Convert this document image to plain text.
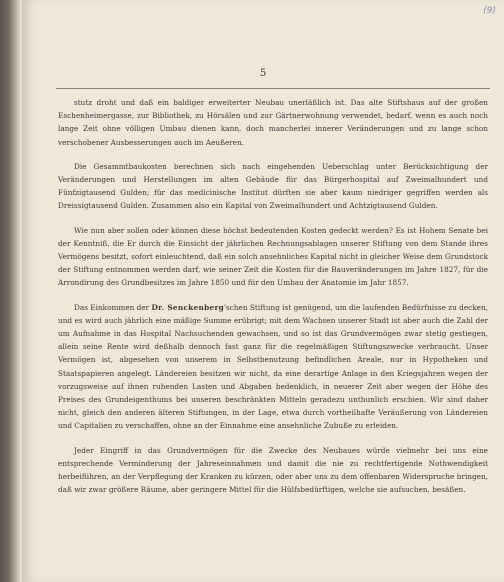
(9)
5

stutz droht und daß ein baldiger erweiterter Neubau unerläßlich ist. Das alte Stiftshaus auf der großen Eschenheimergasse, zur Bibliothek, zu Hörsälen und zur Gärtnerwohnung verwendet, bedarf, wenn es auch noch lange Zeit ohne völligen Umbau dienen kann, doch mancherlei innerer Veränderungen und zu lange schon verschobener Ausbesserungen auch im Aeußeren.

Die Gesammtbaukosten berechnen sich nach eingehenden Ueberschlag unter Berücksichtigung der Veränderungen und Herstellungen im alten Gebäude für das Bürgerhospital auf Zweimalhundert und Fünfzigtausend Gulden; für das medicinische Institut dürften sie aber kaum niedriger gegriffen werden als Dreissigtausend Gulden. Zusammen also ein Kapital von Zweimalhundert und Achtzigtausend Gulden.

Wie nun aber sollen oder können diese höchst bedeutenden Kosten gedeckt werden? Es ist Hohem Senate bei der Kenntniß, die Er durch die Einsicht der jährlichen Rechnungsablagen unserer Stiftung von dem Stande ihres Vermögens besitzt, sofort einleuchtend, daß ein solch ansehnliches Kapital nicht in gleicher Weise dem Grundstock der Stiftung entnommen werden darf, wie seiner Zeit die Kosten für die Bauveränderungen im Jahre 1827, für die Arrondirung des Grundbesitzes im Jahre 1850 und für den Umbau der Anatomie im Jahr 1857.

Das Einkommen der Dr. Senckenberg'schen Stiftung ist genügend, um die laufenden Bedürfnisse zu decken, und es wird auch jährlich eine mäßige Summe erübrigt; mit dem Wachsen unserer Stadt ist aber auch die Zahl der um Aufnahme in das Hospital Nachsuchenden gewachsen, und so ist das Grundvermögen zwar stetig gestiegen, allein seine Rente wird deßhalb dennoch fast ganz für die regelmäßigen Stiftungszwecke verbraucht. Unser Vermögen ist, abgesehen von unserem in Selbstbenutzung befindlichen Areale, nur in Hypotheken und Staatspapieren angelegt. Ländereien besitzen wir nicht, da eine derartige Anlage in den Kriegsjahren wegen der vorzugsweise auf ihnen ruhenden Lasten und Abgaben bedenklich, in neuerer Zeit aber wegen der Höhe des Preises des Grundeigenthums bei unseren beschränkten Mitteln geradezu unthunlich erschien. Wir sind daher nicht, gleich den anderen älteren Stiftungen, in der Lage, etwa durch vortheilhafte Veräußerung von Ländereien und Capitalien zu verschaffen, ohne an der Einnahme eine ansehnliche Zubuße zu erleiden.

Jeder Eingriff in das Grundvermögen für die Zwecke des Neubaues würde vielmehr bei uns eine entsprechende Verminderung der Jahreseinnahmen und damit die nie zu rechtfertigende Nothwendigkeit herbeiführen, an der Verpflegung der Kranken zu kürzen, oder aber uns zu dem offenbaren Widerspruche bringen, daß wir zwar größere Räume, aber geringere Mittel für die Hülfsbedürftigen, welche sie aufsuchen, besäßen.
